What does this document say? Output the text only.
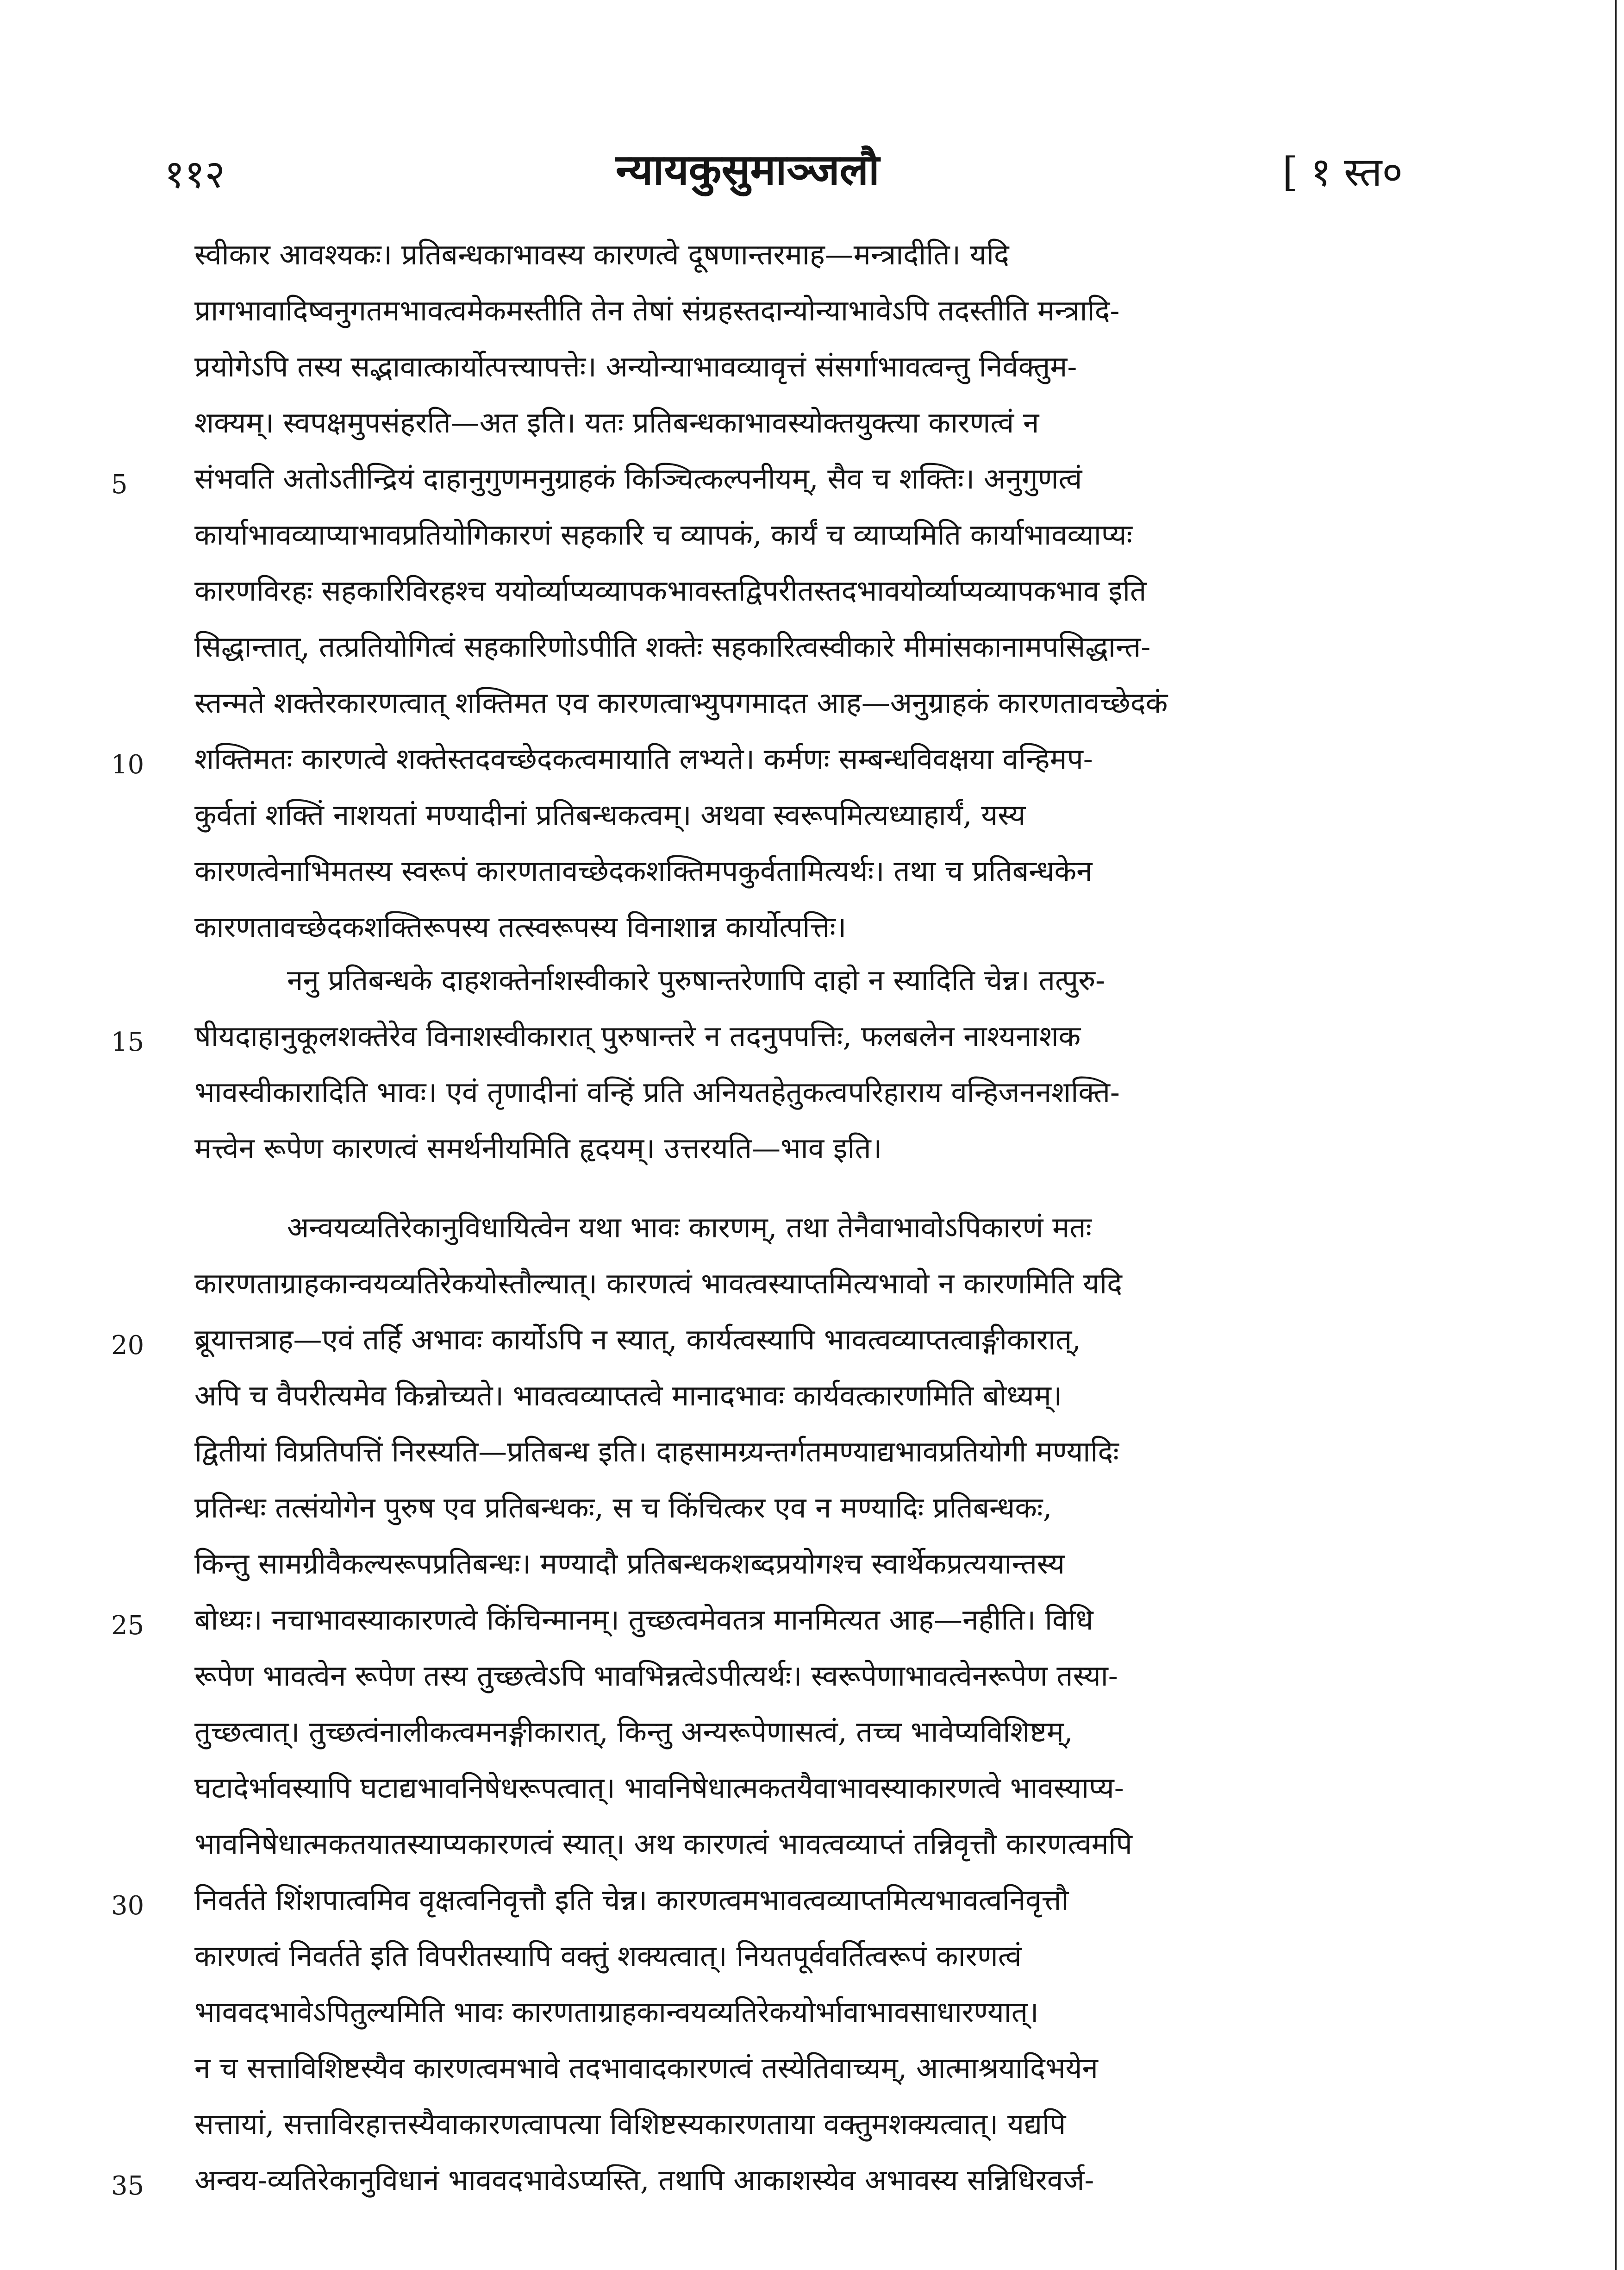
११२	न्यायकुसुमाञ्जलौ	[ १ स्त०
स्वीकार आवश्यकः। प्रतिबन्धकाभावस्य कारणत्वे दूषणान्तरमाह—मन्त्रादीति। यदि
प्रागभावादिष्वनुगतमभावत्वमेकमस्तीति तेन तेषां संग्रहस्तदान्योन्याभावेऽपि तदस्तीति मन्त्रादि-
प्रयोगेऽपि तस्य सद्भावात्कार्योत्पत्त्यापत्तेः। अन्योन्याभावव्यावृत्तं संसर्गाभावत्वन्तु निर्वक्तुम-
शक्यम्। स्वपक्षमुपसंहरति—अत इति। यतः प्रतिबन्धकाभावस्योक्तयुक्त्या कारणत्वं न
5	संभवति अतोऽतीन्द्रियं दाहानुगुणमनुग्राहकं किञ्चित्कल्पनीयम्, सैव च शक्तिः। अनुगुणत्वं
कार्याभावव्याप्याभावप्रतियोगिकारणं सहकारि च व्यापकं, कार्यं च व्याप्यमिति कार्याभावव्याप्यः
कारणविरहः सहकारिविरहश्च ययोर्व्याप्यव्यापकभावस्तद्विपरीतस्तदभावयोर्व्याप्यव्यापकभाव इति
सिद्धान्तात्, तत्प्रतियोगित्वं सहकारिणोऽपीति शक्तेः सहकारित्वस्वीकारे मीमांसकानामपसिद्धान्त-
स्तन्मते शक्तेरकारणत्वात् शक्तिमत एव कारणत्वाभ्युपगमादत आह—अनुग्राहकं कारणतावच्छेदकं
10	शक्तिमतः कारणत्वे शक्तेस्तदवच्छेदकत्वमायाति लभ्यते। कर्मणः सम्बन्धविवक्षया वन्हिमप-
कुर्वतां शक्तिं नाशयतां मण्यादीनां प्रतिबन्धकत्वम्। अथवा स्वरूपमित्यध्याहार्यं, यस्य
कारणत्वेनाभिमतस्य स्वरूपं कारणतावच्छेदकशक्तिमपकुर्वतामित्यर्थः। तथा च प्रतिबन्धकेन
कारणतावच्छेदकशक्तिरूपस्य तत्स्वरूपस्य विनाशान्न कार्योत्पत्तिः।
ननु प्रतिबन्धके दाहशक्तेर्नाशस्वीकारे पुरुषान्तरेणापि दाहो न स्यादिति चेन्न। तत्पुरु-
15	षीयदाहानुकूलशक्तेरेव विनाशस्वीकारात् पुरुषान्तरे न तदनुपपत्तिः, फलबलेन नाश्यनाशक
भावस्वीकारादिति भावः। एवं तृणादीनां वन्हिं प्रति अनियतहेतुकत्वपरिहाराय वन्हिजननशक्ति-
मत्त्वेन रूपेण कारणत्वं समर्थनीयमिति हृदयम्। उत्तरयति—भाव इति।
अन्वयव्यतिरेकानुविधायित्वेन यथा भावः कारणम्, तथा तेनैवाभावोऽपिकारणं मतः
कारणताग्राहकान्वयव्यतिरेकयोस्तौल्यात्। कारणत्वं भावत्वस्याप्तमित्यभावो न कारणमिति यदि
20	ब्रूयात्तत्राह—एवं तर्हि अभावः कार्योऽपि न स्यात्, कार्यत्वस्यापि भावत्वव्याप्तत्वाङ्गीकारात्,
अपि च वैपरीत्यमेव किन्नोच्यते। भावत्वव्याप्तत्वे मानादभावः कार्यवत्कारणमिति बोध्यम्।
द्वितीयां विप्रतिपत्तिं निरस्यति—प्रतिबन्ध इति। दाहसामग्र्यन्तर्गतमण्याद्यभावप्रतियोगी मण्यादिः
प्रतिन्धः तत्संयोगेन पुरुष एव प्रतिबन्धकः, स च किंचित्कर एव न मण्यादिः प्रतिबन्धकः,
किन्तु सामग्रीवैकल्यरूपप्रतिबन्धः। मण्यादौ प्रतिबन्धकशब्दप्रयोगश्च स्वार्थेकप्रत्ययान्तस्य
25	बोध्यः। नचाभावस्याकारणत्वे किंचिन्मानम्। तुच्छत्वमेवतत्र मानमित्यत आह—नहीति। विधि
रूपेण भावत्वेन रूपेण तस्य तुच्छत्वेऽपि भावभिन्नत्वेऽपीत्यर्थः। स्वरूपेणाभावत्वेनरूपेण तस्या-
तुच्छत्वात्। तुच्छत्वंनालीकत्वमनङ्गीकारात्, किन्तु अन्यरूपेणासत्वं, तच्च भावेप्यविशिष्टम्,
घटादेर्भावस्यापि घटाद्यभावनिषेधरूपत्वात्। भावनिषेधात्मकतयैवाभावस्याकारणत्वे भावस्याप्य-
भावनिषेधात्मकतयातस्याप्यकारणत्वं स्यात्। अथ कारणत्वं भावत्वव्याप्तं तन्निवृत्तौ कारणत्वमपि
30	निवर्तते शिंशपात्वमिव वृक्षत्वनिवृत्तौ इति चेन्न। कारणत्वमभावत्वव्याप्तमित्यभावत्वनिवृत्तौ
कारणत्वं निवर्तते इति विपरीतस्यापि वक्तुं शक्यत्वात्। नियतपूर्ववर्तित्वरूपं कारणत्वं
भाववदभावेऽपितुल्यमिति भावः कारणताग्राहकान्वयव्यतिरेकयोर्भावाभावसाधारण्यात्।
न च सत्ताविशिष्टस्यैव कारणत्वमभावे तदभावादकारणत्वं तस्येतिवाच्यम्, आत्माश्रयादिभयेन
सत्तायां, सत्ताविरहात्तस्यैवाकारणत्वापत्या विशिष्टस्यकारणताया वक्तुमशक्यत्वात्। यद्यपि
35	अन्वय-व्यतिरेकानुविधानं भाववदभावेऽप्यस्ति, तथापि आकाशस्येव अभावस्य सन्निधिरवर्ज-
